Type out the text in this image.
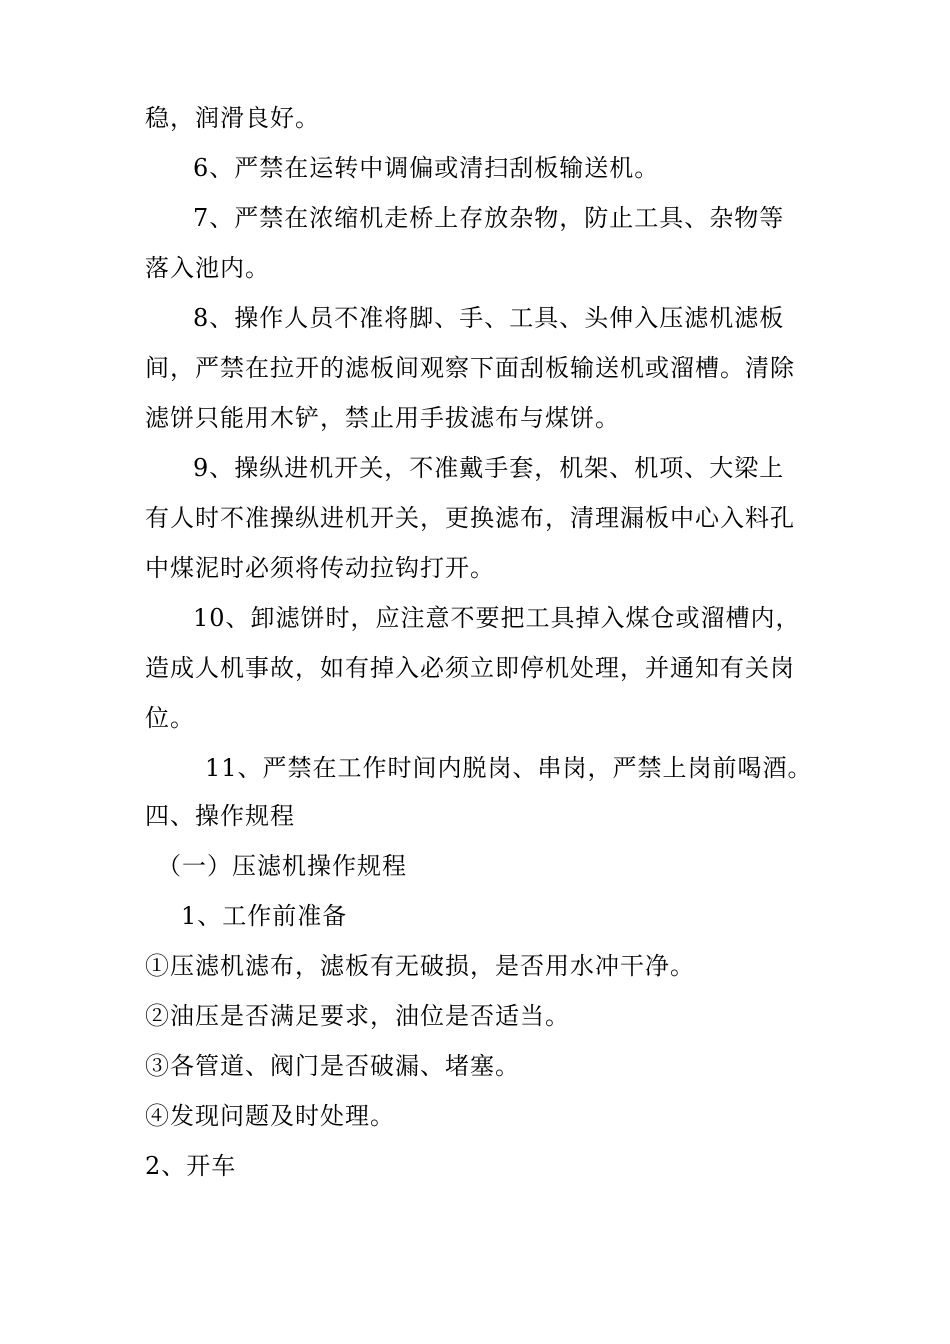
稳，润滑良好。
6、严禁在运转中调偏或清扫刮板输送机。
7、严禁在浓缩机走桥上存放杂物，防止工具、杂物等
落入池内。
8、操作人员不准将脚、手、工具、头伸入压滤机滤板
间，严禁在拉开的滤板间观察下面刮板输送机或溜槽。清除
滤饼只能用木铲，禁止用手拔滤布与煤饼。
9、操纵进机开关，不准戴手套，机架、机项、大梁上
有人时不准操纵进机开关，更换滤布，清理漏板中心入料孔
中煤泥时必须将传动拉钩打开。
10、卸滤饼时，应注意不要把工具掉入煤仓或溜槽内，
造成人机事故，如有掉入必须立即停机处理，并通知有关岗
位。
11、严禁在工作时间内脱岗、串岗，严禁上岗前喝酒。
四、操作规程
（一）压滤机操作规程
1、工作前准备
①压滤机滤布，滤板有无破损，是否用水冲干净。
②油压是否满足要求，油位是否适当。
③各管道、阀门是否破漏、堵塞。
④发现问题及时处理。
2、开车
